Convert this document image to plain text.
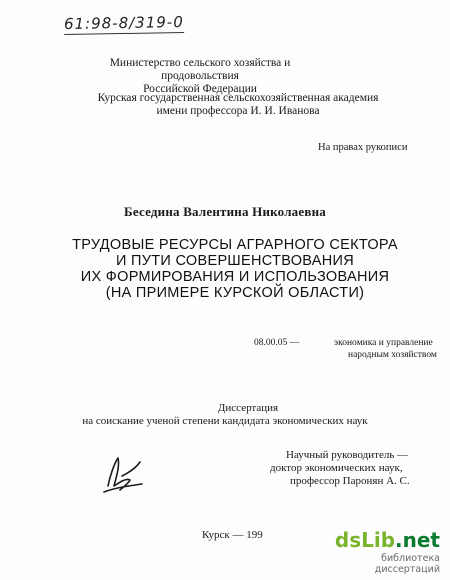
61:98-8/319-0
Министерство сельского хозяйства и продовольствия
Российской Федерации
Курская государственная сельскохозяйственная академия
имени профессора И. И. Иванова
На правах рукописи
Беседина Валентина Николаевна
ТРУДОВЫЕ РЕСУРСЫ АГРАРНОГО СЕКТОРА
И ПУТИ СОВЕРШЕНСТВОВАНИЯ
ИХ ФОРМИРОВАНИЯ И ИСПОЛЬЗОВАНИЯ
(НА ПРИМЕРЕ КУРСКОЙ ОБЛАСТИ)
08.00.05 —	экономика и управление
народным хозяйством
Диссертация
на соискание ученой степени кандидата экономических наук
Научный руководитель —
доктор экономических наук,
профессор Паронян А. С.
Курск — 199	dsLib.net
библиотека диссертаций
